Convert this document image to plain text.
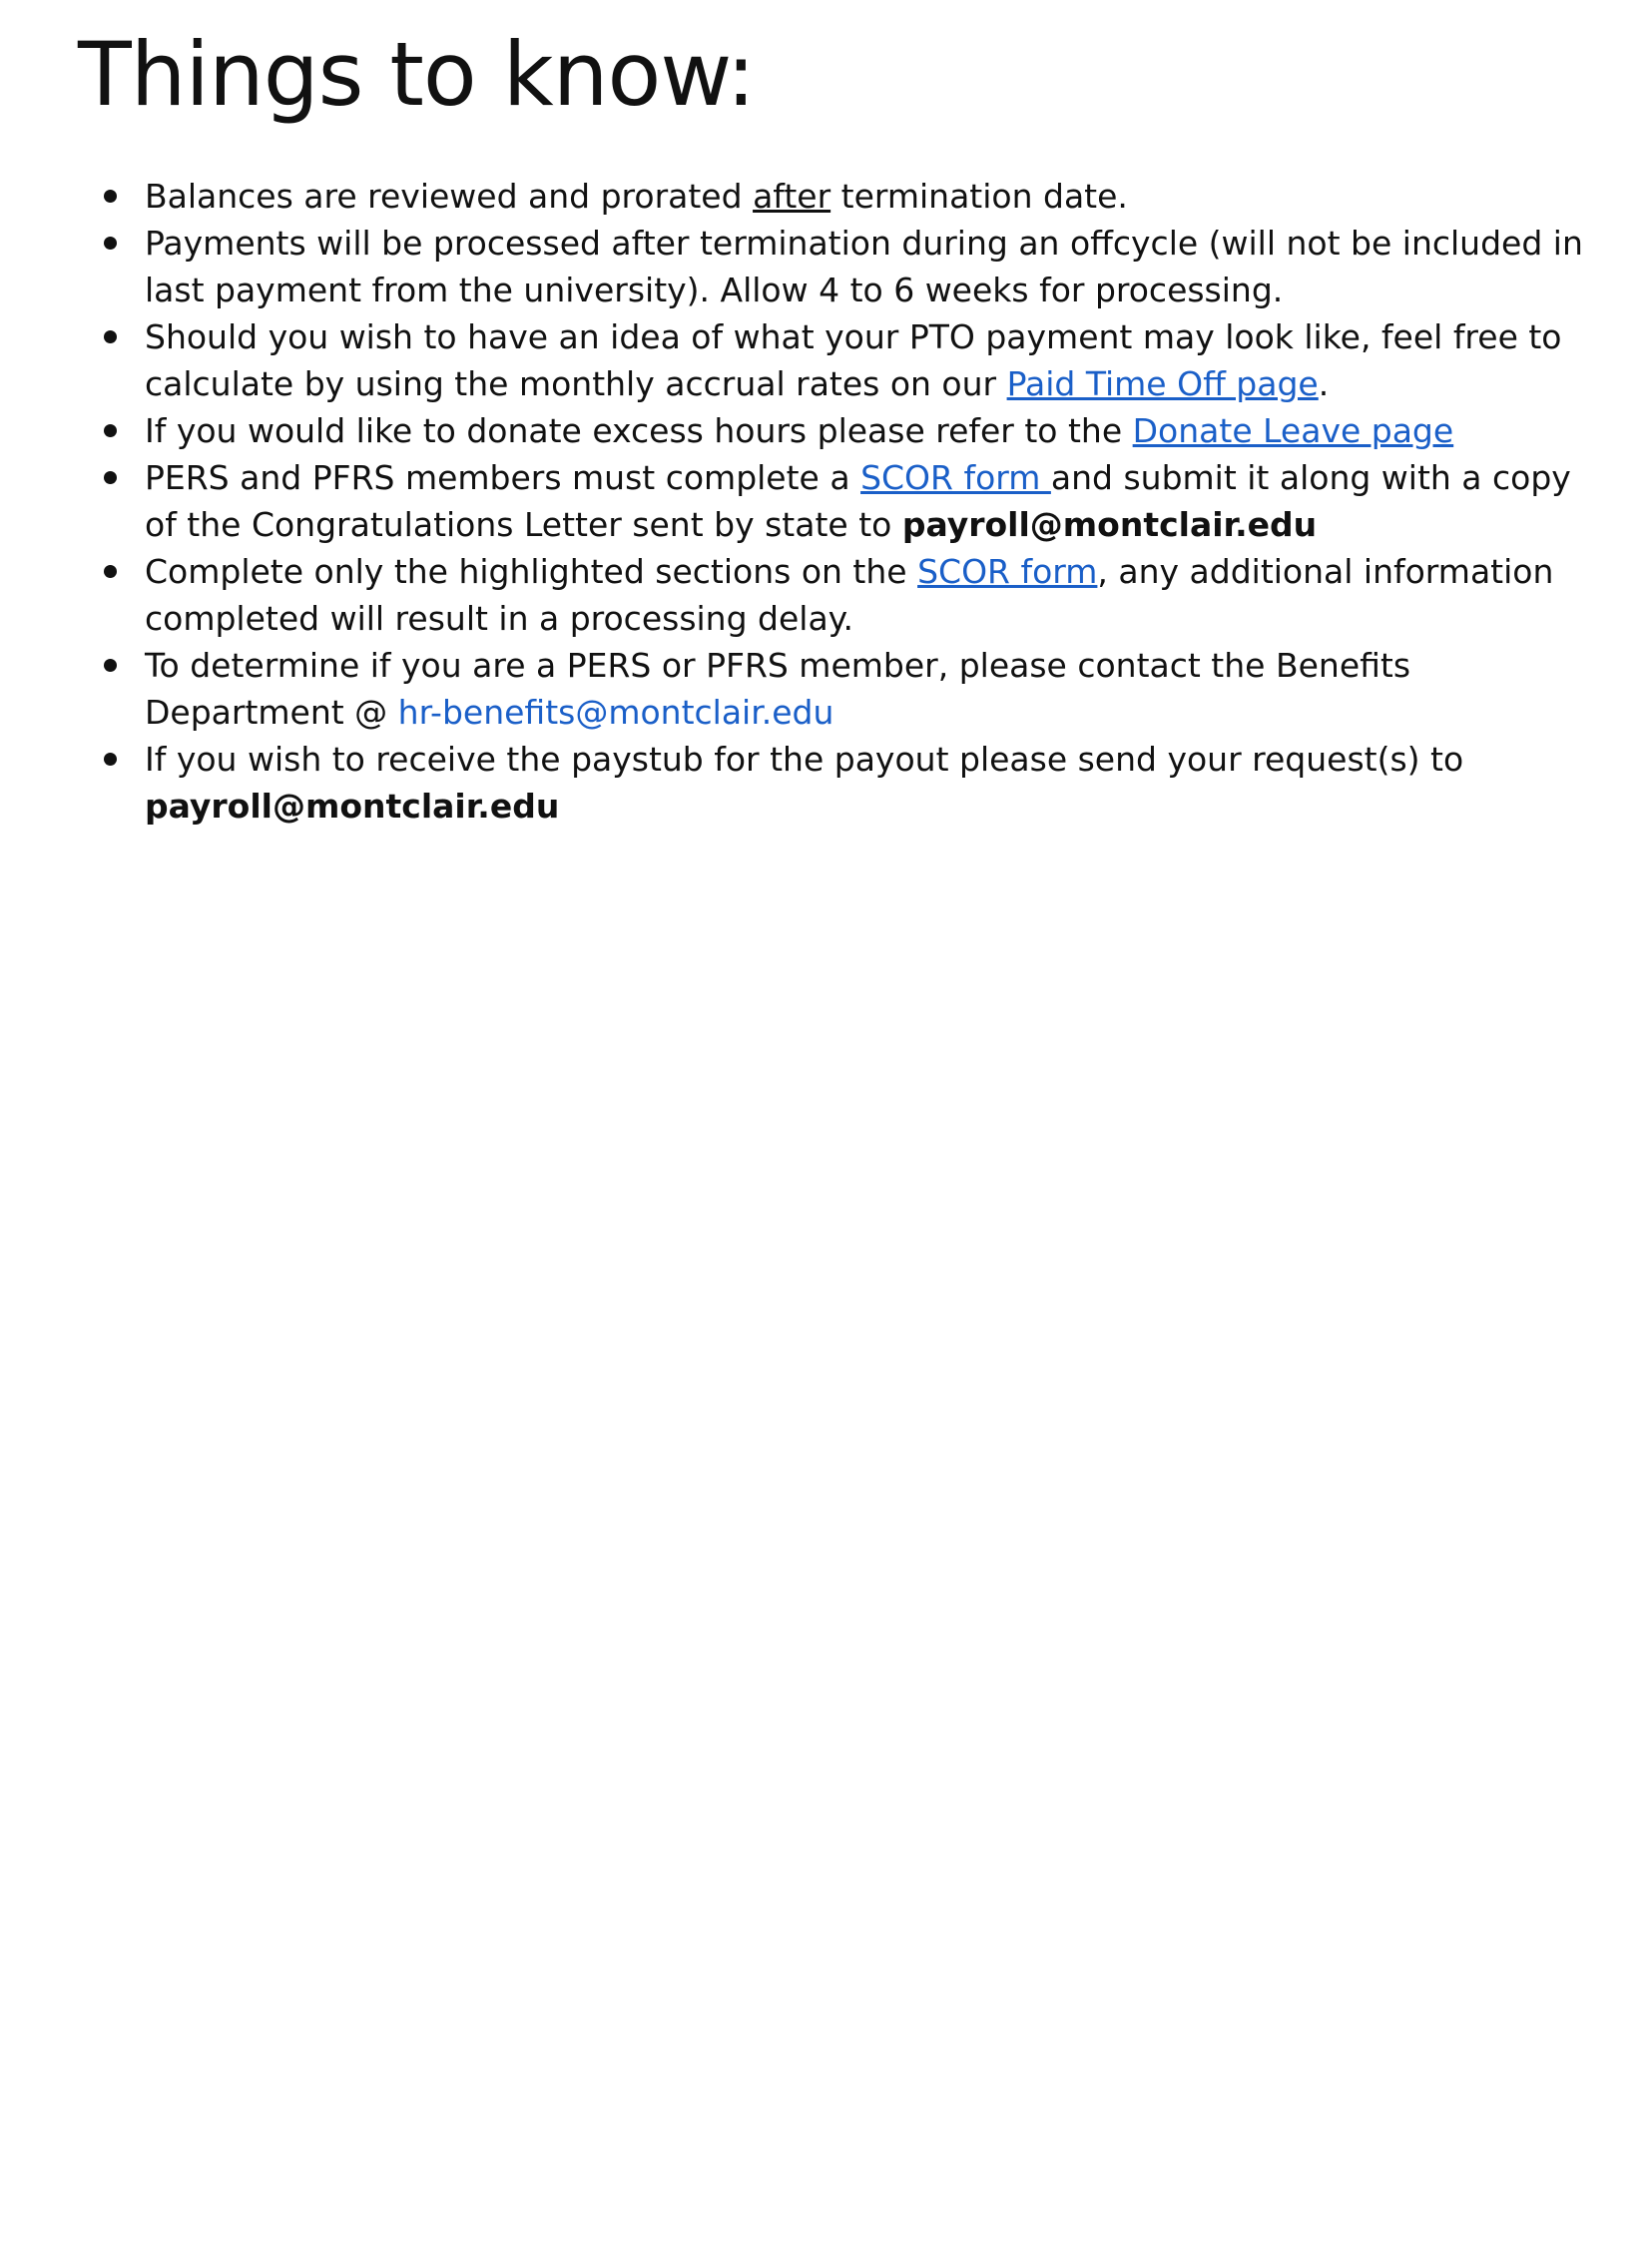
Things to know:
Balances are reviewed and prorated after termination date.
Payments will be processed after termination during an offcycle (will not be included in last payment from the university). Allow 4 to 6 weeks for processing.
Should you wish to have an idea of what your PTO payment may look like, feel free to calculate by using the monthly accrual rates on our Paid Time Off page.
If you would like to donate excess hours please refer to the Donate Leave page
PERS and PFRS members must complete a SCOR form and submit it along with a copy of the Congratulations Letter sent by state to payroll@montclair.edu
Complete only the highlighted sections on the SCOR form, any additional information completed will result in a processing delay.
To determine if you are a PERS or PFRS member, please contact the Benefits Department @ hr-benefits@montclair.edu
If you wish to receive the paystub for the payout please send your request(s) to payroll@montclair.edu
